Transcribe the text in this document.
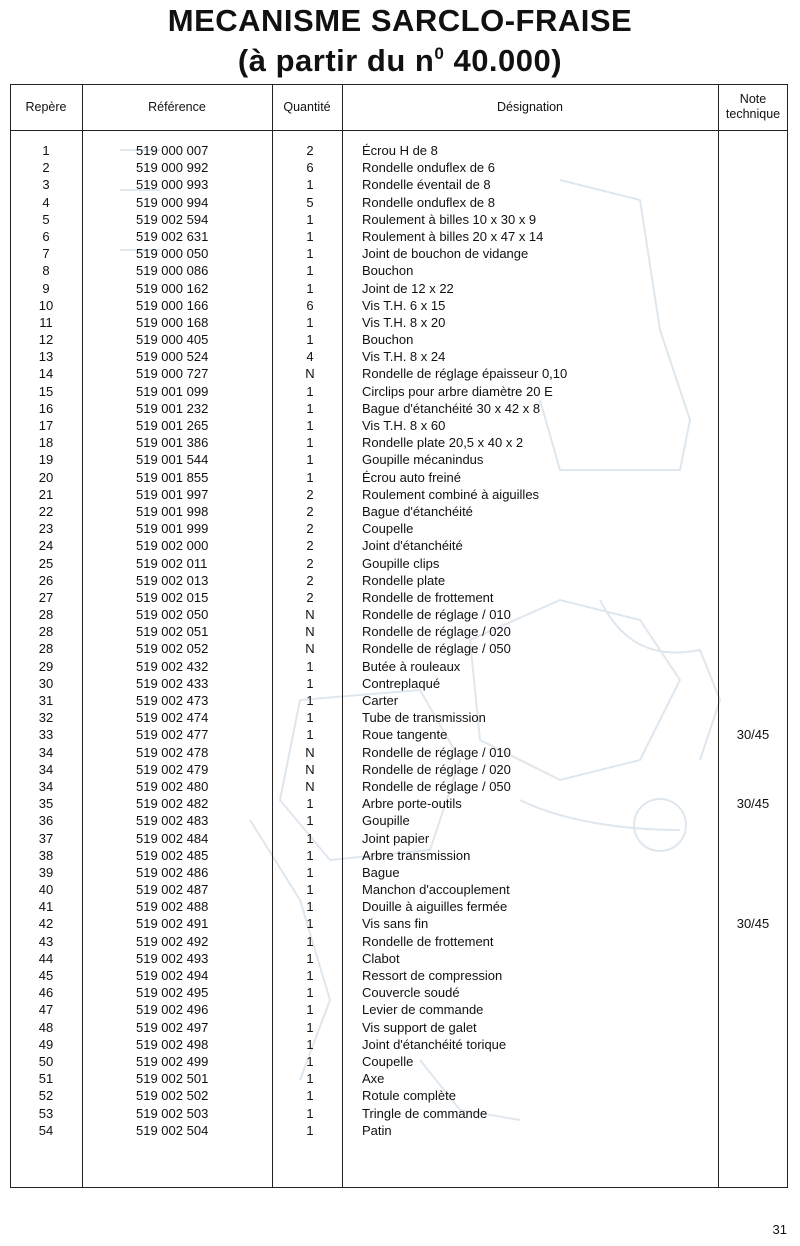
MECANISME SARCLO-FRAISE
(à partir du $n^0$ 40.000)
Repère	Référence	Quantité	Désignation
Note
technique
1	519 000 007	2	Écrou H de 8
2	519 000 992	6	Rondelle onduflex de 6
3	519 000 993	1	Rondelle éventail de 8
4	519 000 994	5	Rondelle onduflex de 8
5	519 002 594	1	Roulement à billes 10 x 30 x 9
6	519 002 631	1	Roulement à billes 20 x 47 x 14
7	519 000 050	1	Joint de bouchon de vidange
8	519 000 086	1	Bouchon
9	519 000 162	1	Joint de 12 x 22
10	519 000 166	6	Vis T.H. 6 x 15
11	519 000 168	1	Vis T.H. 8 x 20
12	519 000 405	1	Bouchon
13	519 000 524	4	Vis T.H. 8 x 24
14	519 000 727	N	Rondelle de réglage épaisseur 0,10
15	519 001 099	1	Circlips pour arbre diamètre 20 E
16	519 001 232	1	Bague d'étanchéité 30 x 42 x 8
17	519 001 265	1	Vis T.H. 8 x 60
18	519 001 386	1	Rondelle plate 20,5 x 40 x 2
19	519 001 544	1	Goupille mécanindus
20	519 001 855	1	Écrou auto freiné
21	519 001 997	2	Roulement combiné à aiguilles
22	519 001 998	2	Bague d'étanchéité
23	519 001 999	2	Coupelle
24	519 002 000	2	Joint d'étanchéité
25	519 002 011	2	Goupille clips
26	519 002 013	2	Rondelle plate
27	519 002 015	2	Rondelle de frottement
28	519 002 050	N	Rondelle de réglage / 010
28	519 002 051	N	Rondelle de réglage / 020
28	519 002 052	N	Rondelle de réglage / 050
29	519 002 432	1	Butée à rouleaux
30	519 002 433	1	Contreplaqué
31	519 002 473	1	Carter
32	519 002 474	1	Tube de transmission
33	519 002 477	1	Roue tangente	30/45
34	519 002 478	N	Rondelle de réglage / 010
34	519 002 479	N	Rondelle de réglage / 020
34	519 002 480	N	Rondelle de réglage / 050
35	519 002 482	1	Arbre porte-outils	30/45
36	519 002 483	1	Goupille
37	519 002 484	1	Joint papier
38	519 002 485	1	Arbre transmission
39	519 002 486	1	Bague
40	519 002 487	1	Manchon d'accouplement
41	519 002 488	1	Douille à aiguilles fermée
42	519 002 491	1	Vis sans fin	30/45
43	519 002 492	1	Rondelle de frottement
44	519 002 493	1	Clabot
45	519 002 494	1	Ressort de compression
46	519 002 495	1	Couvercle soudé
47	519 002 496	1	Levier de commande
48	519 002 497	1	Vis support de galet
49	519 002 498	1	Joint d'étanchéité torique
50	519 002 499	1	Coupelle
51	519 002 501	1	Axe
52	519 002 502	1	Rotule complète
53	519 002 503	1	Tringle de commande
54	519 002 504	1	Patin
31
